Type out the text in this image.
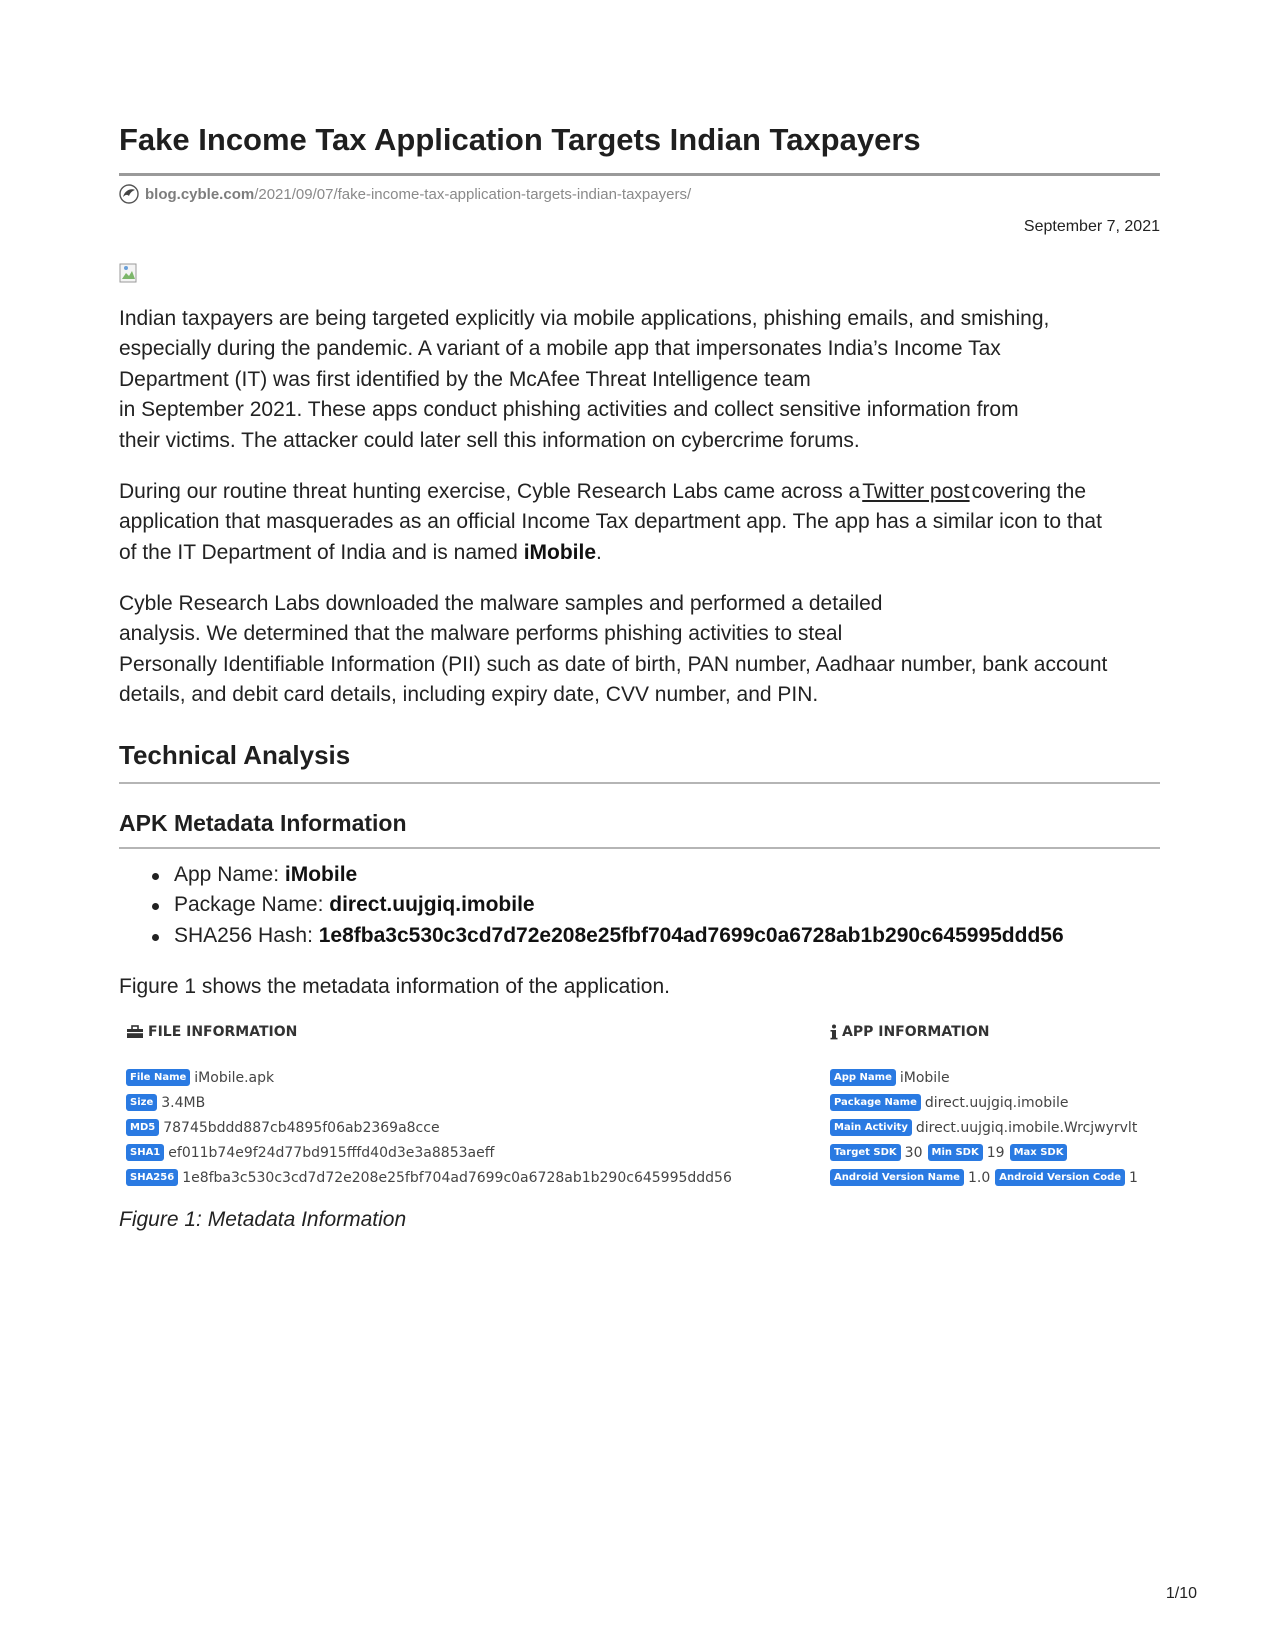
Fake Income Tax Application Targets Indian Taxpayers
blog.cyble.com /2021/09/07/fake-income-tax-application-targets-indian-taxpayers/
September 7, 2021

Indian taxpayers are being targeted explicitly via mobile applications, phishing emails, and smishing,
especially during the pandemic. A variant of a mobile app that impersonates India’s Income Tax
Department (IT) was first identified by the McAfee Threat Intelligence team
in September 2021. These apps conduct phishing activities and collect sensitive information from
their victims. The attacker could later sell this information on cybercrime forums.

During our routine threat hunting exercise, Cyble Research Labs came across aTwitter postcovering the
application that masquerades as an official Income Tax department app. The app has a similar icon to that
of the IT Department of India and is named iMobile.

Cyble Research Labs downloaded the malware samples and performed a detailed
analysis. We determined that the malware performs phishing activities to steal
Personally Identifiable Information (PII) such as date of birth, PAN number, Aadhaar number, bank account
details, and debit card details, including expiry date, CVV number, and PIN.

Technical Analysis
APK Metadata Information
App Name: iMobile
Package Name: direct.uujgiq.imobile
SHA256 Hash: 1e8fba3c530c3cd7d72e208e25fbf704ad7699c0a6728ab1b290c645995ddd56

Figure 1 shows the metadata information of the application.

FILE INFORMATION
File Name iMobile.apk
Size 3.4MB
MD5 78745bddd887cb4895f06ab2369a8cce
SHA1 ef011b74e9f24d77bd915fffd40d3e3a8853aeff
SHA256 1e8fba3c530c3cd7d72e208e25fbf704ad7699c0a6728ab1b290c645995ddd56
APP INFORMATION
App Name iMobile
Package Name direct.uujgiq.imobile
Main Activity direct.uujgiq.imobile.Wrcjwyrvlt
Target SDK 30 Min SDK 19 Max SDK
Android Version Name 1.0 Android Version Code 1

Figure 1: Metadata Information

1/10
